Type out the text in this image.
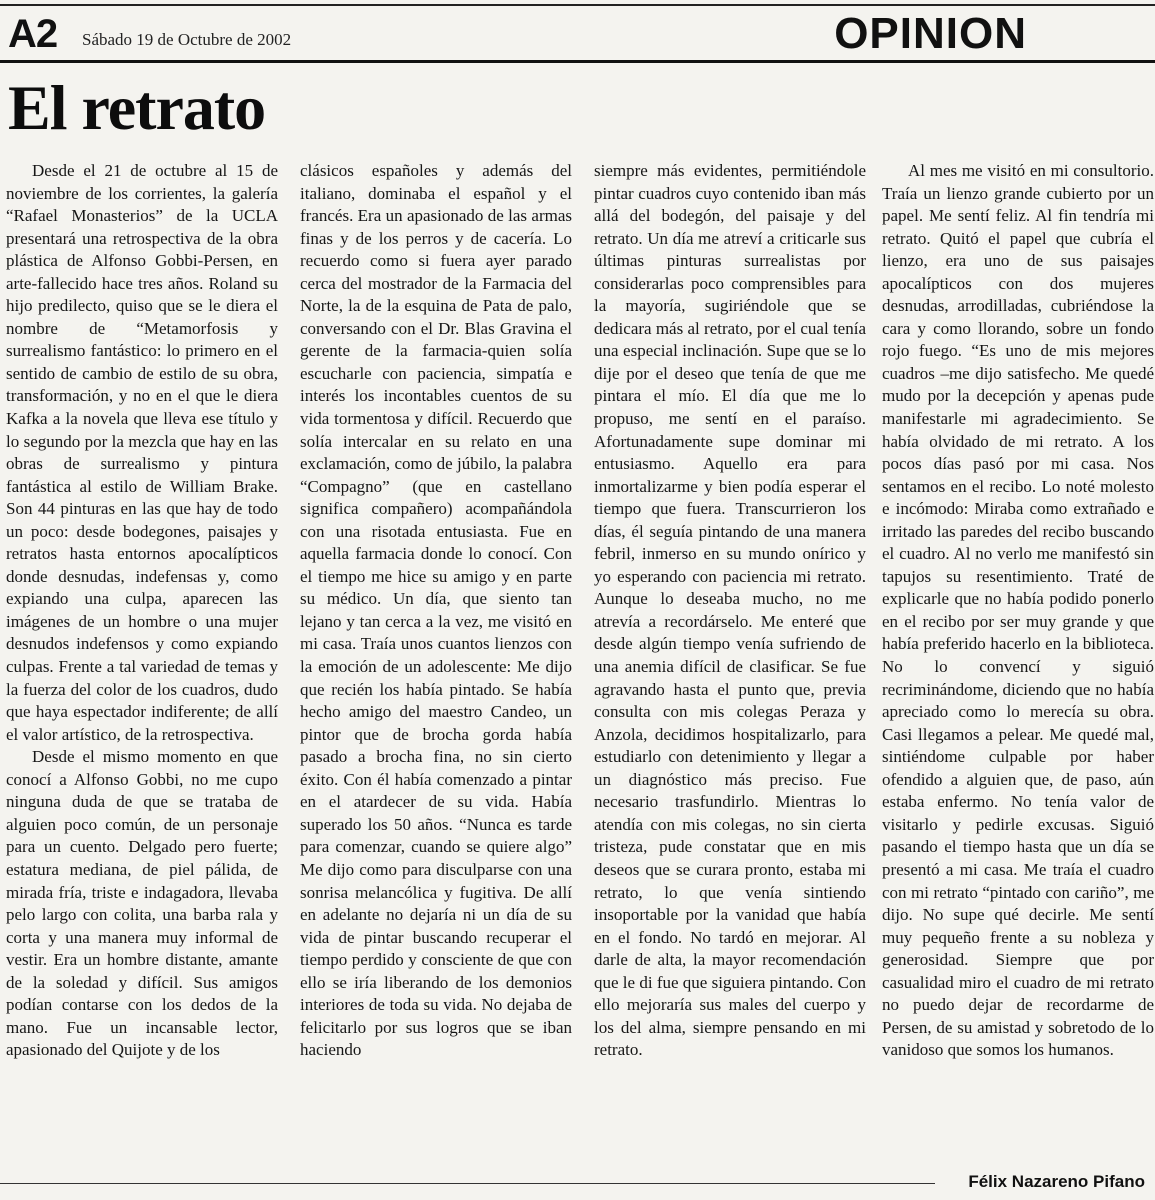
A2 Sábado 19 de Octubre de 2002	OPINION
El retrato

Desde el 21 de octubre al 15 de noviembre de los corrientes, la galería “Rafael Monasterios” de la UCLA presentará una retrospectiva de la obra plástica de Alfonso Gobbi-Persen, en arte-fallecido hace tres años. Roland su hijo predilecto, quiso que se le diera el nombre de “Metamorfosis y surrealismo fantástico: lo primero en el sentido de cambio de estilo de su obra, transformación, y no en el que le diera Kafka a la novela que lleva ese título y lo segundo por la mezcla que hay en las obras de surrealismo y pintura fantástica al estilo de William Brake. Son 44 pinturas en las que hay de todo un poco: desde bodegones, paisajes y retratos hasta entornos apocalípticos donde desnudas, indefensas y, como expiando una culpa, aparecen las imágenes de un hombre o una mujer desnudos indefensos y como expiando culpas. Frente a tal variedad de temas y la fuerza del color de los cuadros, dudo que haya espectador indiferente; de allí el valor artístico, de la retrospectiva.

Desde el mismo momento en que conocí a Alfonso Gobbi, no me cupo ninguna duda de que se trataba de alguien poco común, de un personaje para un cuento. Delgado pero fuerte; estatura mediana, de piel pálida, de mirada fría, triste e indagadora, llevaba pelo largo con colita, una barba rala y corta y una manera muy informal de vestir. Era un hombre distante, amante de la soledad y difícil. Sus amigos podían contarse con los dedos de la mano. Fue un incansable lector, apasionado del Quijote y de los

clásicos españoles y además del italiano, dominaba el español y el francés. Era un apasionado de las armas finas y de los perros y de cacería. Lo recuerdo como si fuera ayer parado cerca del mostrador de la Farmacia del Norte, la de la esquina de Pata de palo, conversando con el Dr. Blas Gravina el gerente de la farmacia-quien solía escucharle con paciencia, simpatía e interés los incontables cuentos de su vida tormentosa y difícil. Recuerdo que solía intercalar en su relato en una exclamación, como de júbilo, la palabra “Compagno” (que en castellano significa compañero) acompañándola con una risotada entusiasta. Fue en aquella farmacia donde lo conocí. Con el tiempo me hice su amigo y en parte su médico. Un día, que siento tan lejano y tan cerca a la vez, me visitó en mi casa. Traía unos cuantos lienzos con la emoción de un adolescente: Me dijo que recién los había pintado. Se había hecho amigo del maestro Candeo, un pintor que de brocha gorda había pasado a brocha fina, no sin cierto éxito. Con él había comenzado a pintar en el atardecer de su vida. Había superado los 50 años. “Nunca es tarde para comenzar, cuando se quiere algo” Me dijo como para disculparse con una sonrisa melancólica y fugitiva. De allí en adelante no dejaría ni un día de su vida de pintar buscando recuperar el tiempo perdido y consciente de que con ello se iría liberando de los demonios interiores de toda su vida. No dejaba de felicitarlo por sus logros que se iban haciendo

siempre más evidentes, permitiéndole pintar cuadros cuyo contenido iban más allá del bodegón, del paisaje y del retrato. Un día me atreví a criticarle sus últimas pinturas surrealistas por considerarlas poco comprensibles para la mayoría, sugiriéndole que se dedicara más al retrato, por el cual tenía una especial inclinación. Supe que se lo dije por el deseo que tenía de que me pintara el mío. El día que me lo propuso, me sentí en el paraíso. Afortunadamente supe dominar mi entusiasmo. Aquello era para inmortalizarme y bien podía esperar el tiempo que fuera. Transcurrieron los días, él seguía pintando de una manera febril, inmerso en su mundo onírico y yo esperando con paciencia mi retrato. Aunque lo deseaba mucho, no me atrevía a recordárselo. Me enteré que desde algún tiempo venía sufriendo de una anemia difícil de clasificar. Se fue agravando hasta el punto que, previa consulta con mis colegas Peraza y Anzola, decidimos hospitalizarlo, para estudiarlo con detenimiento y llegar a un diagnóstico más preciso. Fue necesario trasfundirlo. Mientras lo atendía con mis colegas, no sin cierta tristeza, pude constatar que en mis deseos que se curara pronto, estaba mi retrato, lo que venía sintiendo insoportable por la vanidad que había en el fondo. No tardó en mejorar. Al darle de alta, la mayor recomendación que le di fue que siguiera pintando. Con ello mejoraría sus males del cuerpo y los del alma, siempre pensando en mi retrato.

Al mes me visitó en mi consultorio. Traía un lienzo grande cubierto por un papel. Me sentí feliz. Al fin tendría mi retrato. Quitó el papel que cubría el lienzo, era uno de sus paisajes apocalípticos con dos mujeres desnudas, arrodilladas, cubriéndose la cara y como llorando, sobre un fondo rojo fuego. “Es uno de mis mejores cuadros –me dijo satisfecho. Me quedé mudo por la decepción y apenas pude manifestarle mi agradecimiento. Se había olvidado de mi retrato. A los pocos días pasó por mi casa. Nos sentamos en el recibo. Lo noté molesto e incómodo: Miraba como extrañado e irritado las paredes del recibo buscando el cuadro. Al no verlo me manifestó sin tapujos su resentimiento. Traté de explicarle que no había podido ponerlo en el recibo por ser muy grande y que había preferido hacerlo en la biblioteca. No lo convencí y siguió recriminándome, diciendo que no había apreciado como lo merecía su obra. Casi llegamos a pelear. Me quedé mal, sintiéndome culpable por haber ofendido a alguien que, de paso, aún estaba enfermo. No tenía valor de visitarlo y pedirle excusas. Siguió pasando el tiempo hasta que un día se presentó a mi casa. Me traía el cuadro con mi retrato “pintado con cariño”, me dijo. No supe qué decirle. Me sentí muy pequeño frente a su nobleza y generosidad. Siempre que por casualidad miro el cuadro de mi retrato no puedo dejar de recordarme de Persen, de su amistad y sobretodo de lo vanidoso que somos los humanos.

Félix Nazareno Pifano
